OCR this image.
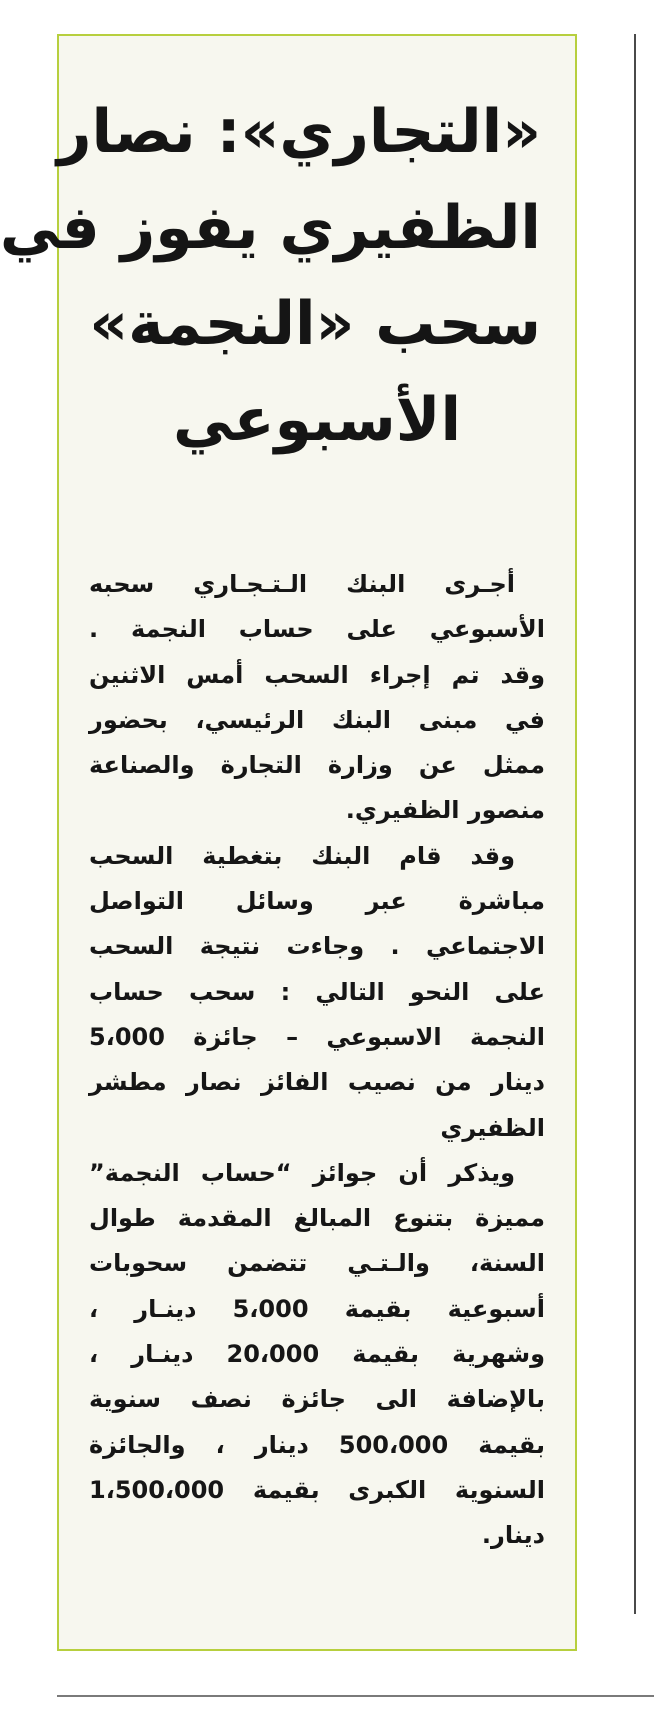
«التجاري»: نصار
الظفيري يفوز في
سحب «النجمة»
الأسبوعي
أجـرى البنك الـتـجـاري سحبه
الأسبوعي على حساب النجمة .
وقد تم إجراء السحب أمس الاثنين
في مبنى البنك الرئيسي، بحضور
ممثل عن وزارة التجارة والصناعة
منصور الظفيري.
وقد قام البنك بتغطية السحب
مباشرة عبر وسائل التواصل
الاجتماعي . وجاءت نتيجة السحب
على النحو التالي : سحب حساب
النجمة الاسبوعي – جائزة 5،000
دينار من نصيب الفائز نصار مطشر
الظفيري
ويذكر أن جوائز “حساب النجمة”
مميزة بتنوع المبالغ المقدمة طوال
السنة، والـتـي تتضمن سحوبات
أسبوعية بقيمة 5،000 دينـار ،
وشهرية بقيمة 20،000 دينـار ،
بالإضافة الى جائزة نصف سنوية
بقيمة 500،000 دينار ، والجائزة
السنوية الكبرى بقيمة 1،500،000
دينار.
